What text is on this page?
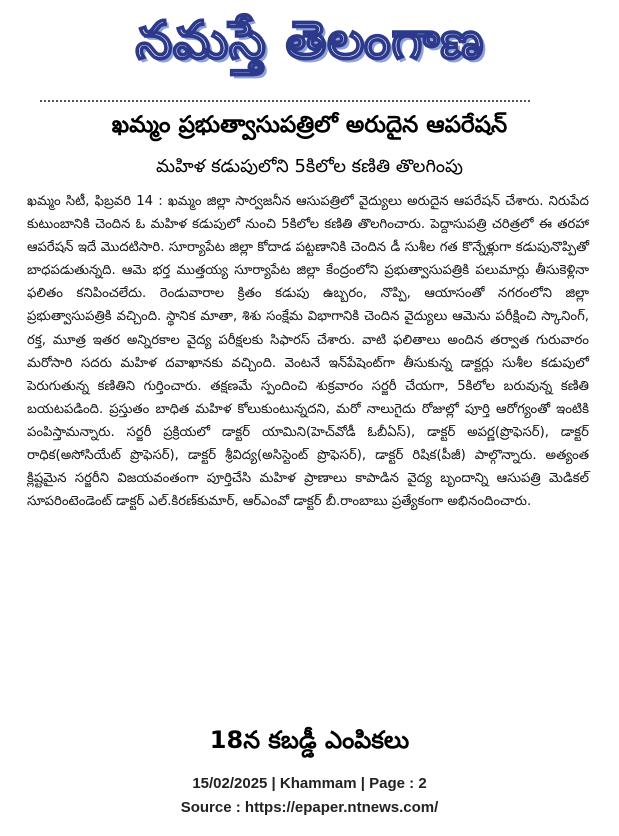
నమస్తే తెలంగాణ
ఖమ్మం ప్రభుత్వాసుపత్రిలో అరుదైన ఆపరేషన్
మహిళ కడుపులోని 5కిలోల కణితి తొలగింపు

ఖమ్మం సిటీ, ఫిబ్రవరి 14 : ఖమ్మం జిల్లా సార్వజనీన ఆసుపత్రిలో వైద్యులు అరుదైన ఆపరేషన్ చేశారు. నిరుపేద కుటుంబానికి చెందిన ఓ మహిళ కడుపులో నుంచి 5కిలోల కణితి తొలగించారు. పెద్దాసుపత్రి చరిత్రలో ఈ తరహా ఆపరేషన్ ఇదే మొదటిసారి. సూర్యాపేట జిల్లా కోదాడ పట్టణానికి చెందిన డీ సుశీల గత కొన్నేళ్లుగా కడుపునొప్పితో బాధపడుతున్నది. ఆమె భర్త ముత్తయ్య సూర్యాపేట జిల్లా కేంద్రంలోని ప్రభుత్వాసుపత్రికి పలుమార్లు తీసుకెళ్లినా ఫలితం కనిపించలేదు. రెండువారాల క్రితం కడుపు ఉబ్బరం, నొప్పి, ఆయాసంతో నగరంలోని జిల్లా ప్రభుత్వాసుపత్రికి వచ్చింది. స్థానిక మాతా, శిశు సంక్షేమ విభాగానికి చెందిన వైద్యులు ఆమెను పరీక్షించి స్కానింగ్, రక్త, మూత్ర ఇతర అన్నిరకాల వైద్య పరీక్షలకు సిఫారస్ చేశారు. వాటి ఫలితాలు అందిన తర్వాత గురువారం మరోసారి సదరు మహిళ దవాఖానకు వచ్చింది. వెంటనే ఇన్‌పేషెంట్‌గా తీసుకున్న డాక్టర్లు సుశీల కడుపులో పెరుగుతున్న కణితిని గుర్తించారు. తక్షణమే స్పందించి శుక్రవారం సర్జరీ చేయగా, 5కిలోల బరువున్న కణితి బయటపడింది. ప్రస్తుతం బాధిత మహిళ కోలుకుంటున్నదని, మరో నాలుగైదు రోజుల్లో పూర్తి ఆరోగ్యంతో ఇంటికి పంపిస్తామన్నారు. సర్జరీ ప్రక్రియలో డాక్టర్ యామిని(హెచ్‌వోడీ ఓబీఏస్), డాక్టర్ అపర్ణ(ప్రొఫెసర్), డాక్టర్ రాధిక(అసోసియేట్ ప్రొఫెసర్), డాక్టర్ శ్రీవిద్య(అసిస్టెంట్ ప్రొఫెసర్), డాక్టర్ రిషిక(పీజీ) పాల్గొన్నారు. అత్యంత క్లిష్టమైన సర్జరీని విజయవంతంగా పూర్తిచేసి మహిళ ప్రాణాలు కాపాడిన వైద్య బృందాన్ని ఆసుపత్రి మెడికల్ సూపరింటెండెంట్ డాక్టర్ ఎల్.కిరణ్‌కుమార్, ఆర్‌ఎంవో డాక్టర్ బీ.రాంబాబు ప్రత్యేకంగా అభినందించారు.

18న కబడ్డీ ఎంపికలు
15/02/2025 | Khammam | Page : 2
Source : https://epaper.ntnews.com/
